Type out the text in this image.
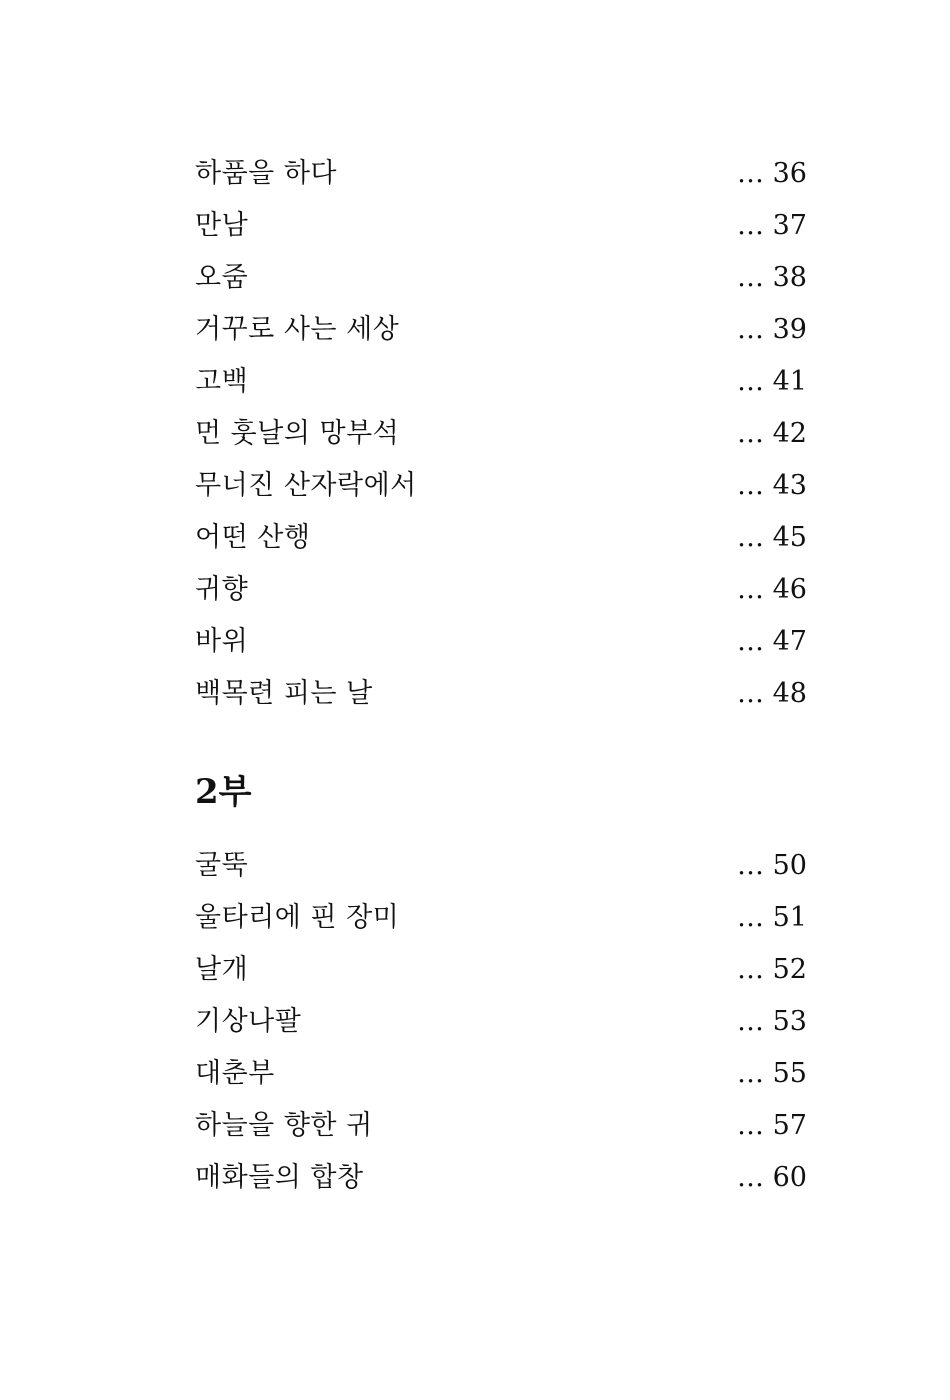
하품을 하다	… 36
만남	… 37
오줌	… 38
거꾸로 사는 세상	… 39
고백	… 41
먼 훗날의 망부석	… 42
무너진 산자락에서	… 43
어떤 산행	… 45
귀향	… 46
바위	… 47
백목련 피는 날	… 48
2부
굴뚝	… 50
울타리에 핀 장미	… 51
날개	… 52
기상나팔	… 53
대춘부	… 55
하늘을 향한 귀	… 57
매화들의 합창	… 60
